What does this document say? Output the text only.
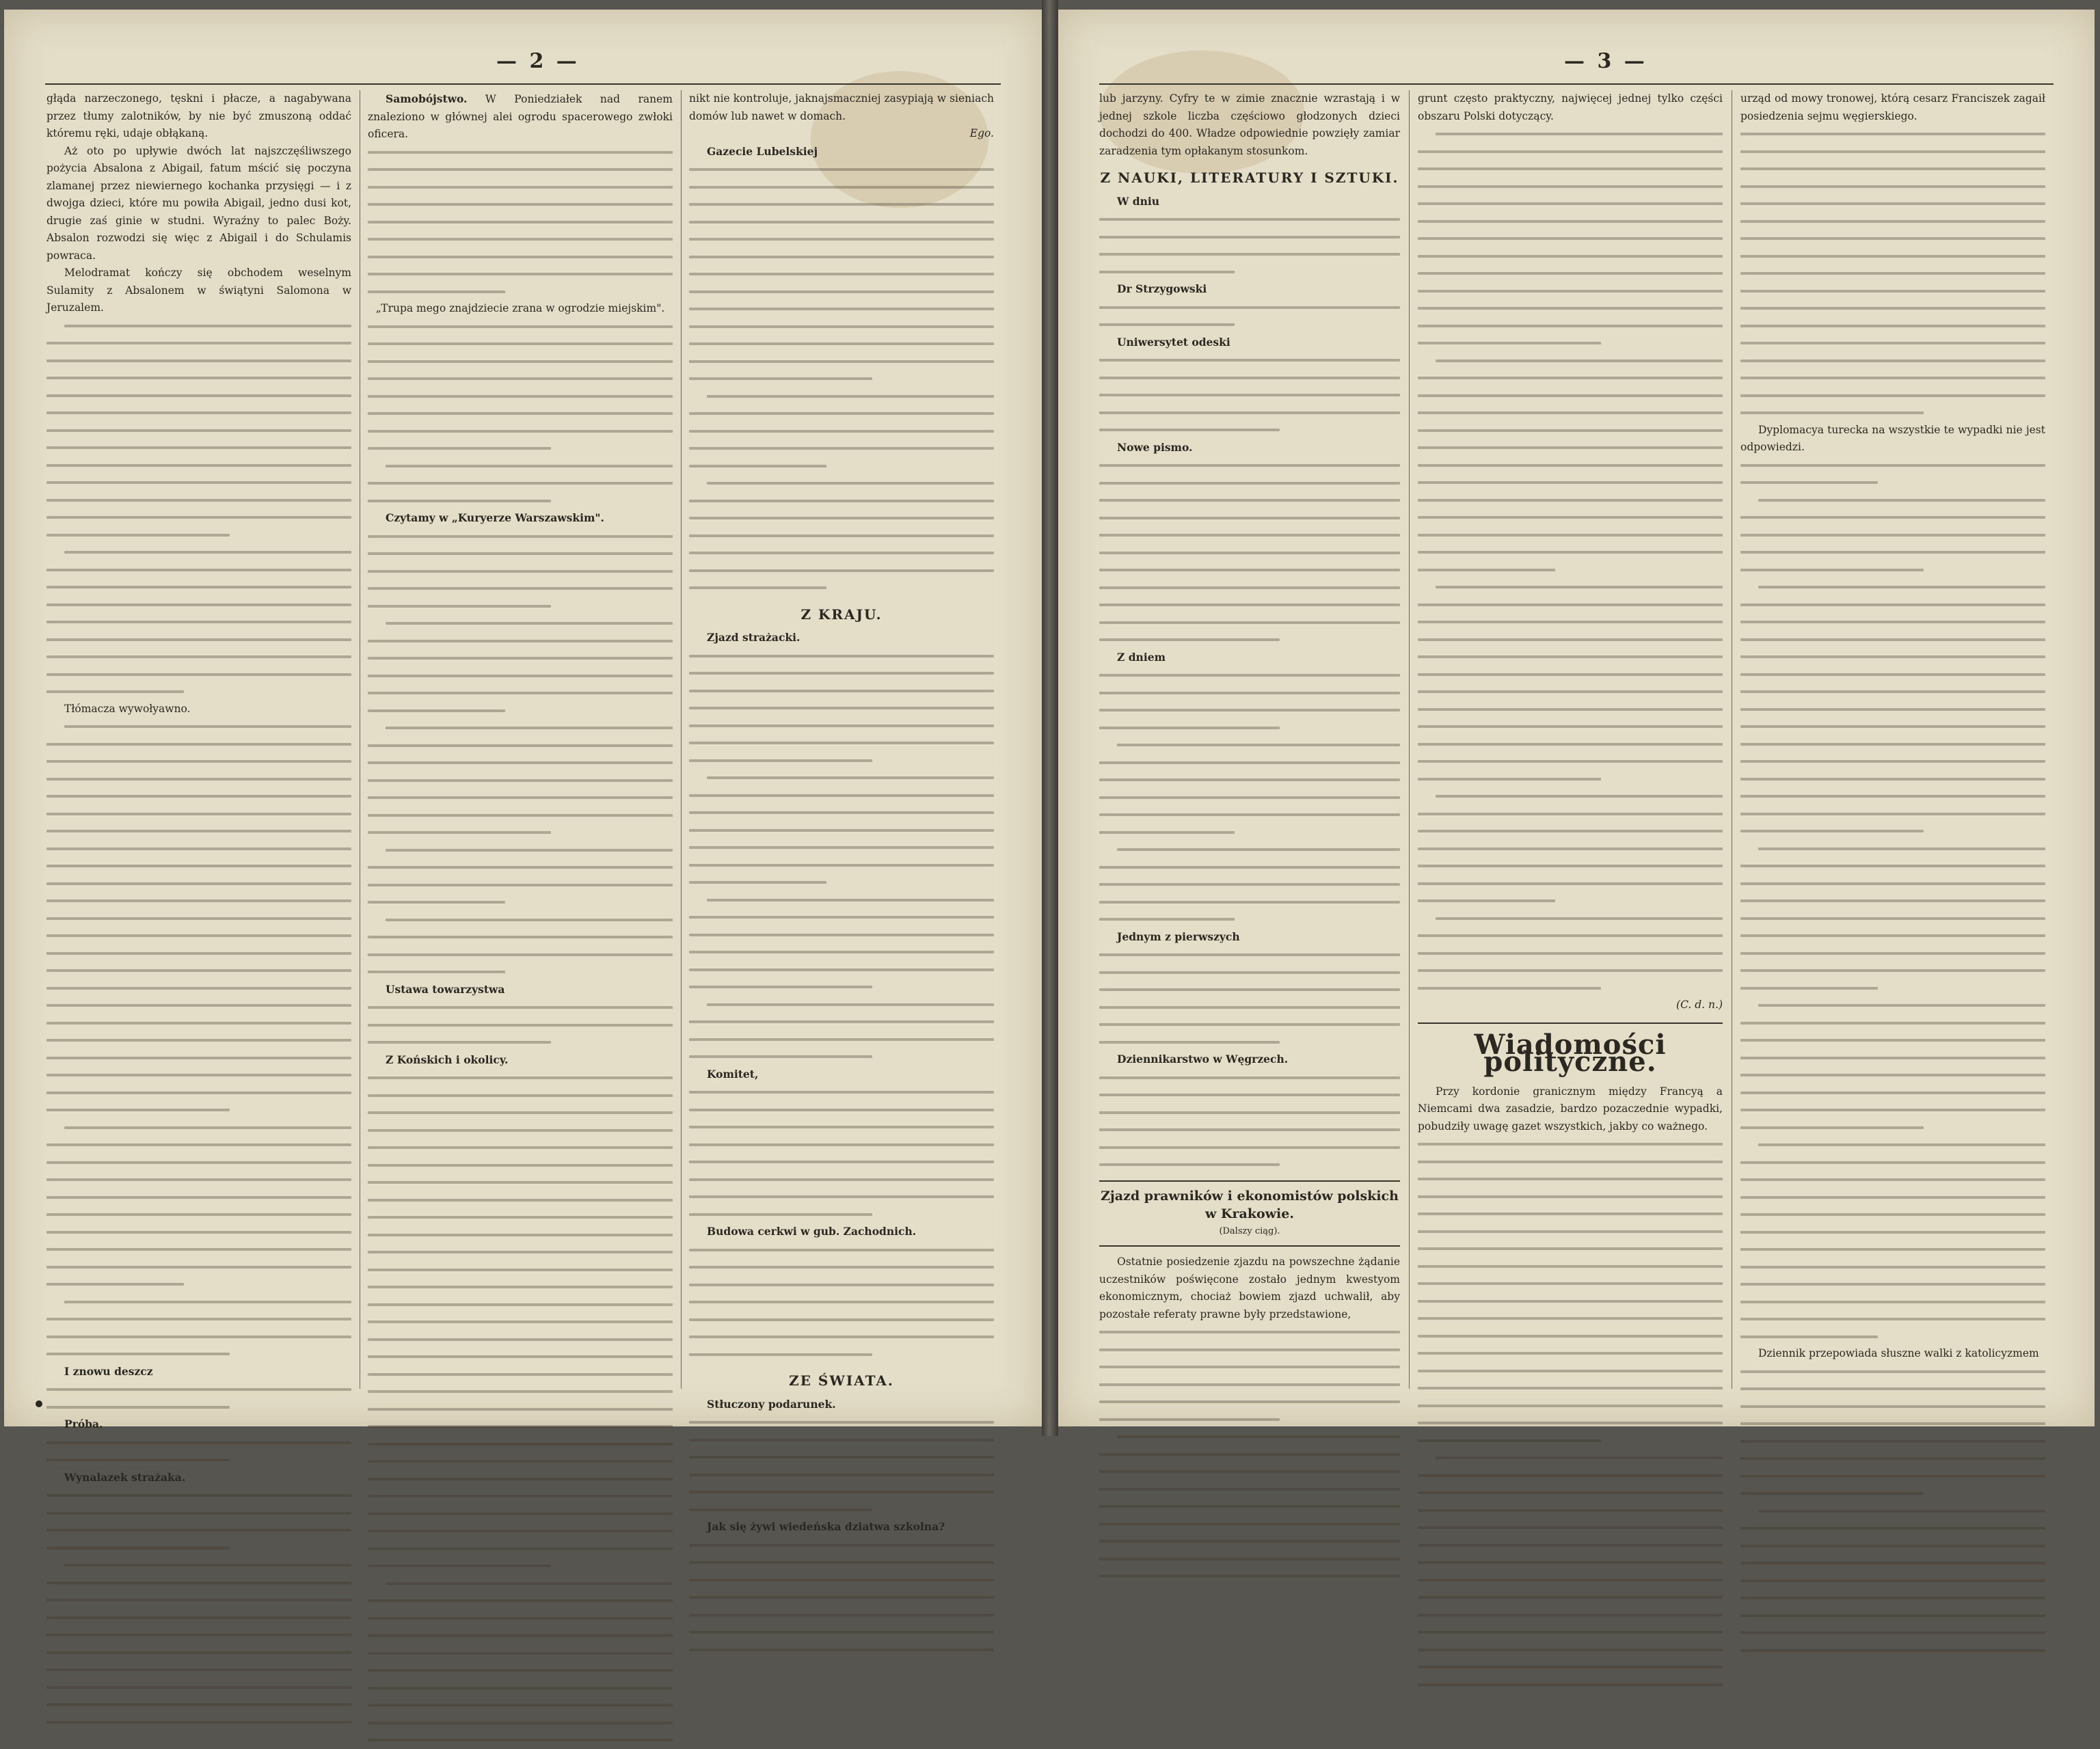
— 2 —

głąda narzeczonego, tęskni i płacze, a nagabywana przez tłumy zalotników, by nie być zmuszoną oddać któremu ręki, udaje obłąkaną.

Aż oto po upływie dwóch lat najszczęśliwszego pożycia Absalona z Abigail, fatum mścić się poczyna zlamanej przez niewiernego kochanka przysięgi — i z dwojga dzieci, które mu powiła Abigail, jedno dusi kot, drugie zaś ginie w studni. Wyraźny to palec Boży. Absalon rozwodzi się więc z Abigail i do Schulamis powraca.

Melodramat kończy się obchodem weselnym Sulamity z Absalonem w świątyni Salomona w Jeruzalem.

Tłómacza wywołyawno.

I znowu deszcz

Próba.

Wynalazek strażaka.

Samobójstwo. W Poniedziałek nad ranem znaleziono w głównej alei ogrodu spacerowego zwłoki oficera.

„Trupa mego znajdziecie zrana w ogrodzie miejskim".

Czytamy w „Kuryerze Warszawskim".

Ustawa towarzystwa

Z Końskich i okolicy.

nikt nie kontroluje, jaknajsmaczniej zasypiają w sieniach domów lub nawet w domach.

Ego.

Gazecie Lubelskiej

Z KRAJU.

Zjazd strażacki.

Komitet,

Budowa cerkwi w gub. Zachodnich.

ZE ŚWIATA.

Stłuczony podarunek.

Jak się żywi wiedeńska dziatwa szkolna?

— 3 —

lub jarzyny. Cyfry te w zimie znacznie wzrastają i w jednej szkole liczba częściowo głodzonych dzieci dochodzi do 400. Władze odpowiednie powzięły zamiar zaradzenia tym opłakanym stosunkom.

Z NAUKI, LITERATURY I SZTUKI.

W dniu

Dr Strzygowski

Uniwersytet odeski

Nowe pismo.

Z dniem

Jednym z pierwszych

Dziennikarstwo w Węgrzech.

Zjazd prawników i ekonomistów polskich w Krakowie.
(Dalszy ciąg).

Ostatnie posiedzenie zjazdu na powszechne żądanie uczestników poświęcone zostało jednym kwestyom ekonomicznym, chociaż bowiem zjazd uchwalił, aby pozostałe referaty prawne były przedstawione,

grunt często praktyczny, najwięcej jednej tylko części obszaru Polski dotyczący.

(C. d. n.)

Wiadomości polityczne.

Przy kordonie granicznym między Francyą a Niemcami dwa zasadzie, bardzo pozaczednie wypadki, pobudziły uwagę gazet wszystkich, jakby co ważnego.

urząd od mowy tronowej, którą cesarz Franciszek zagaił posiedzenia sejmu węgierskiego.

Dyplomacya turecka na wszystkie te wypadki nie jest odpowiedzi.

Dziennik przepowiada słuszne walki z katolicyzmem
